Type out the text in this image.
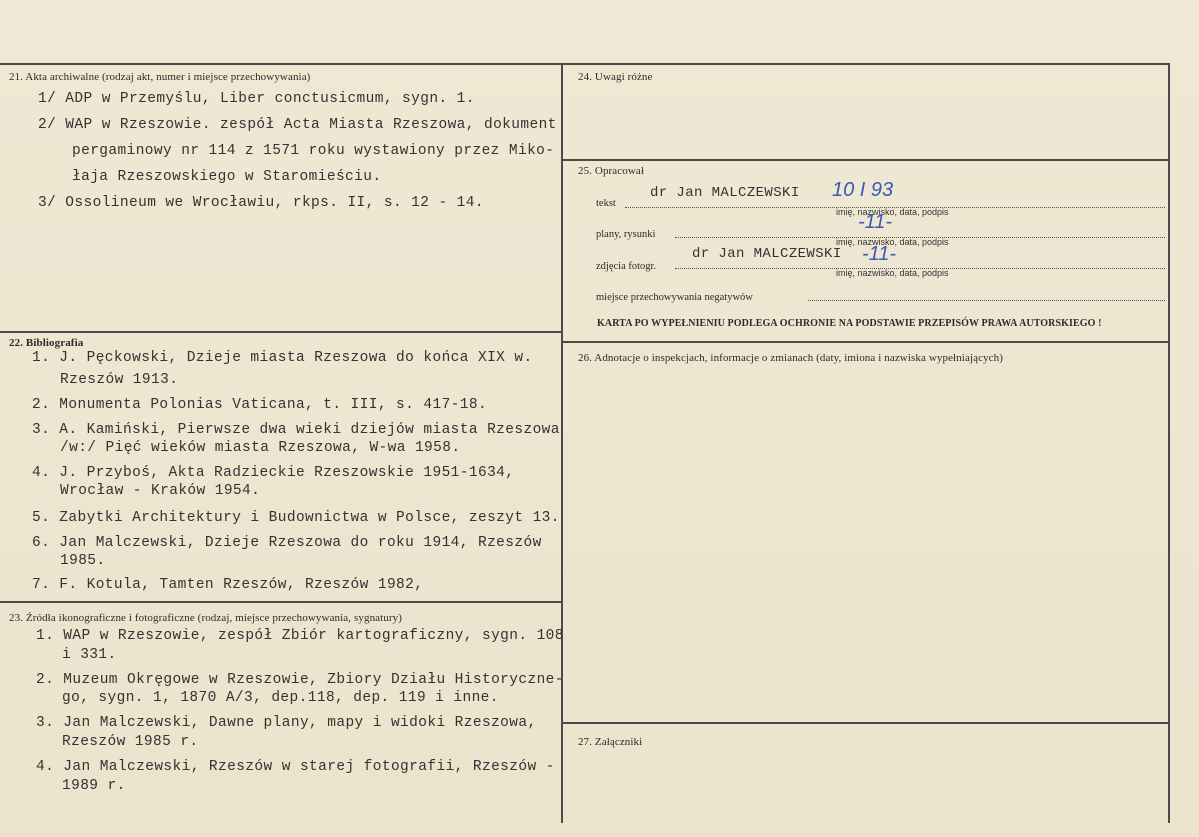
21. Akta archiwalne (rodzaj akt, numer i miejsce przechowywania)
1/ ADP w Przemyślu, Liber conctusicmum, sygn. 1.
2/ WAP w Rzeszowie. zespół Acta Miasta Rzeszowa, dokument
pergaminowy nr 114 z 1571 roku wystawiony przez Miko-
łaja Rzeszowskiego w Staromieściu.
3/ Ossolineum we Wrocławiu, rkps. II, s. 12 - 14.
22. Bibliografia
1. J. Pęckowski, Dzieje miasta Rzeszowa do końca XIX w.
Rzeszów 1913.
2. Monumenta Polonias Vaticana, t. III, s. 417-18.
3. A. Kamiński, Pierwsze dwa wieki dziejów miasta Rzeszowa
/w:/ Pięć wieków miasta Rzeszowa, W-wa 1958.
4. J. Przyboś, Akta Radzieckie Rzeszowskie 1951-1634,
Wrocław - Kraków 1954.
5. Zabytki Architektury i Budownictwa w Polsce, zeszyt 13.
6. Jan Malczewski, Dzieje Rzeszowa do roku 1914, Rzeszów
1985.
7. F. Kotula, Tamten Rzeszów, Rzeszów 1982,
23. Źródła ikonograficzne i fotograficzne (rodzaj, miejsce przechowywania, sygnatury)
1. WAP w Rzeszowie, zespół Zbiór kartograficzny, sygn. 108
i 331.
2. Muzeum Okręgowe w Rzeszowie, Zbiory Działu Historyczne-
go, sygn. 1, 1870 A/3, dep.118, dep. 119 i inne.
3. Jan Malczewski, Dawne plany, mapy i widoki Rzeszowa,
Rzeszów 1985 r.
4. Jan Malczewski, Rzeszów w starej fotografii, Rzeszów -
1989 r.
24. Uwagi różne
25. Opracował
tekst
dr Jan MALCZEWSKI 10 I 93
imię, nazwisko, data, podpis
plany, rysunki
-11-
imię, nazwisko, data, podpis
zdjęcia fotogr.
dr Jan MALCZEWSKI -11-
imię, nazwisko, data, podpis
miejsce przechowywania negatywów
KARTA PO WYPEŁNIENIU PODLEGA OCHRONIE NA PODSTAWIE PRZEPISÓW PRAWA AUTORSKIEGO !
26. Adnotacje o inspekcjach, informacje o zmianach (daty, imiona i nazwiska wypełniających)
27. Załączniki
